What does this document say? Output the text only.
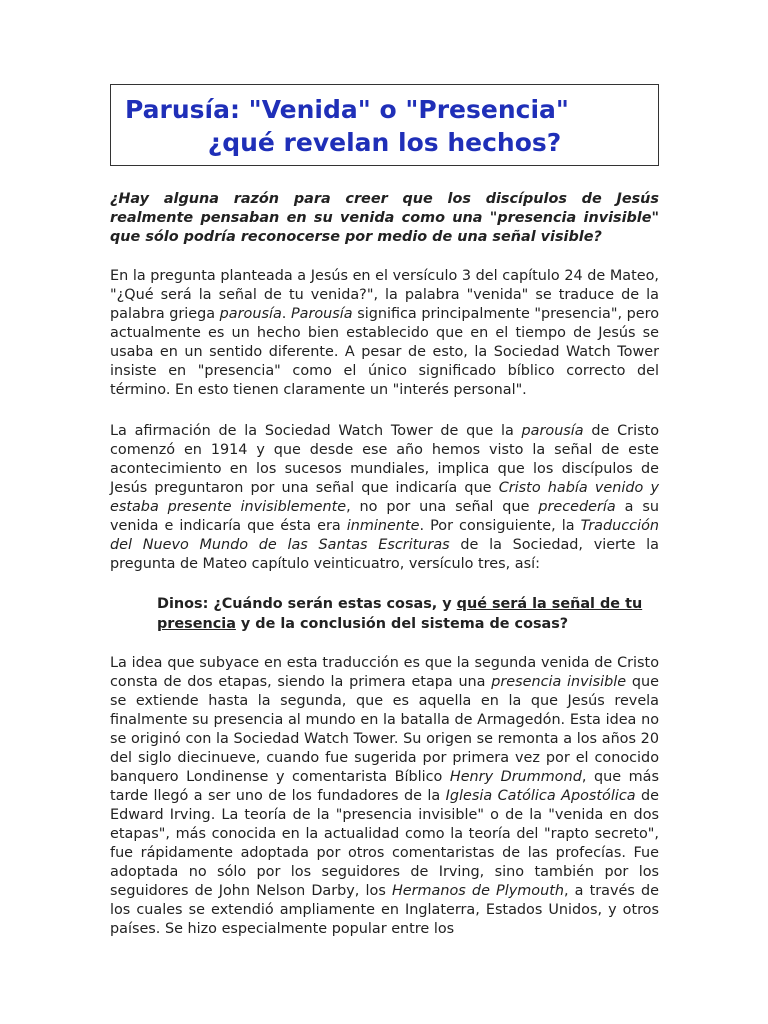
Parusía: "Venida" o "Presencia"
¿qué revelan los hechos?
¿Hay alguna razón para creer que los discípulos de Jesús realmente pensaban en su venida como una "presencia invisible" que sólo podría reconocerse por medio de una señal visible?
En la pregunta planteada a Jesús en el versículo 3 del capítulo 24 de Mateo, "¿Qué será la señal de tu venida?", la palabra "venida" se traduce de la palabra griega parousía. Parousía significa principalmente "presencia", pero actualmente es un hecho bien establecido que en el tiempo de Jesús se usaba en un sentido diferente. A pesar de esto, la Sociedad Watch Tower insiste en "presencia" como el único significado bíblico correcto del término. En esto tienen claramente un "interés personal".
La afirmación de la Sociedad Watch Tower de que la parousía de Cristo comenzó en 1914 y que desde ese año hemos visto la señal de este acontecimiento en los sucesos mundiales, implica que los discípulos de Jesús preguntaron por una señal que indicaría que Cristo había venido y estaba presente invisiblemente, no por una señal que precedería a su venida e indicaría que ésta era inminente. Por consiguiente, la Traducción del Nuevo Mundo de las Santas Escrituras de la Sociedad, vierte la pregunta de Mateo capítulo veinticuatro, versículo tres, así:
Dinos: ¿Cuándo serán estas cosas, y qué será la señal de tu presencia y de la conclusión del sistema de cosas?
La idea que subyace en esta traducción es que la segunda venida de Cristo consta de dos etapas, siendo la primera etapa una presencia invisible que se extiende hasta la segunda, que es aquella en la que Jesús revela finalmente su presencia al mundo en la batalla de Armagedón. Esta idea no se originó con la Sociedad Watch Tower. Su origen se remonta a los años 20 del siglo diecinueve, cuando fue sugerida por primera vez por el conocido banquero Londinense y comentarista Bíblico Henry Drummond, que más tarde llegó a ser uno de los fundadores de la Iglesia Católica Apostólica de Edward Irving. La teoría de la "presencia invisible" o de la "venida en dos etapas", más conocida en la actualidad como la teoría del "rapto secreto", fue rápidamente adoptada por otros comentaristas de las profecías. Fue adoptada no sólo por los seguidores de Irving, sino también por los seguidores de John Nelson Darby, los Hermanos de Plymouth, a través de los cuales se extendió ampliamente en Inglaterra, Estados Unidos, y otros países. Se hizo especialmente popular entre los
